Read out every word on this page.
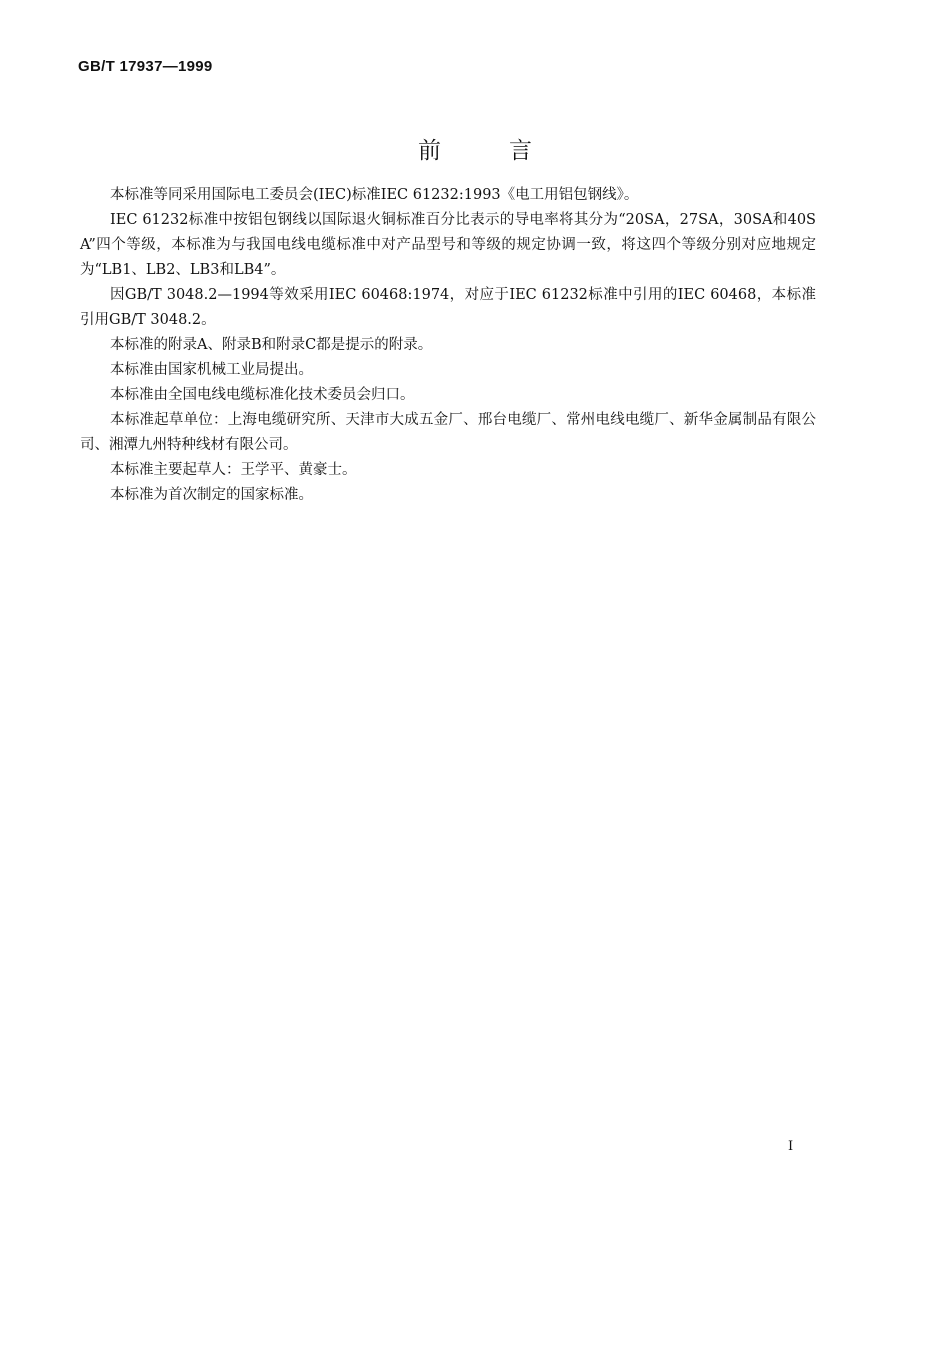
GB/T 17937—1999
前言

本标准等同采用国际电工委员会(IEC)标准IEC 61232:1993《电工用铝包钢线》。

IEC 61232标准中按铝包钢线以国际退火铜标准百分比表示的导电率将其分为“20SA，27SA，30SA和40SA”四个等级，本标准为与我国电线电缆标准中对产品型号和等级的规定协调一致，将这四个等级分别对应地规定为“LB1、LB2、LB3和LB4”。

因GB/T 3048.2—1994等效采用IEC 60468:1974，对应于IEC 61232标准中引用的IEC 60468，本标准引用GB/T 3048.2。

本标准的附录A、附录B和附录C都是提示的附录。

本标准由国家机械工业局提出。

本标准由全国电线电缆标准化技术委员会归口。

本标准起草单位：上海电缆研究所、天津市大成五金厂、邢台电缆厂、常州电线电缆厂、新华金属制品有限公司、湘潭九州特种线材有限公司。

本标准主要起草人：王学平、黄豪士。

本标准为首次制定的国家标准。

I
